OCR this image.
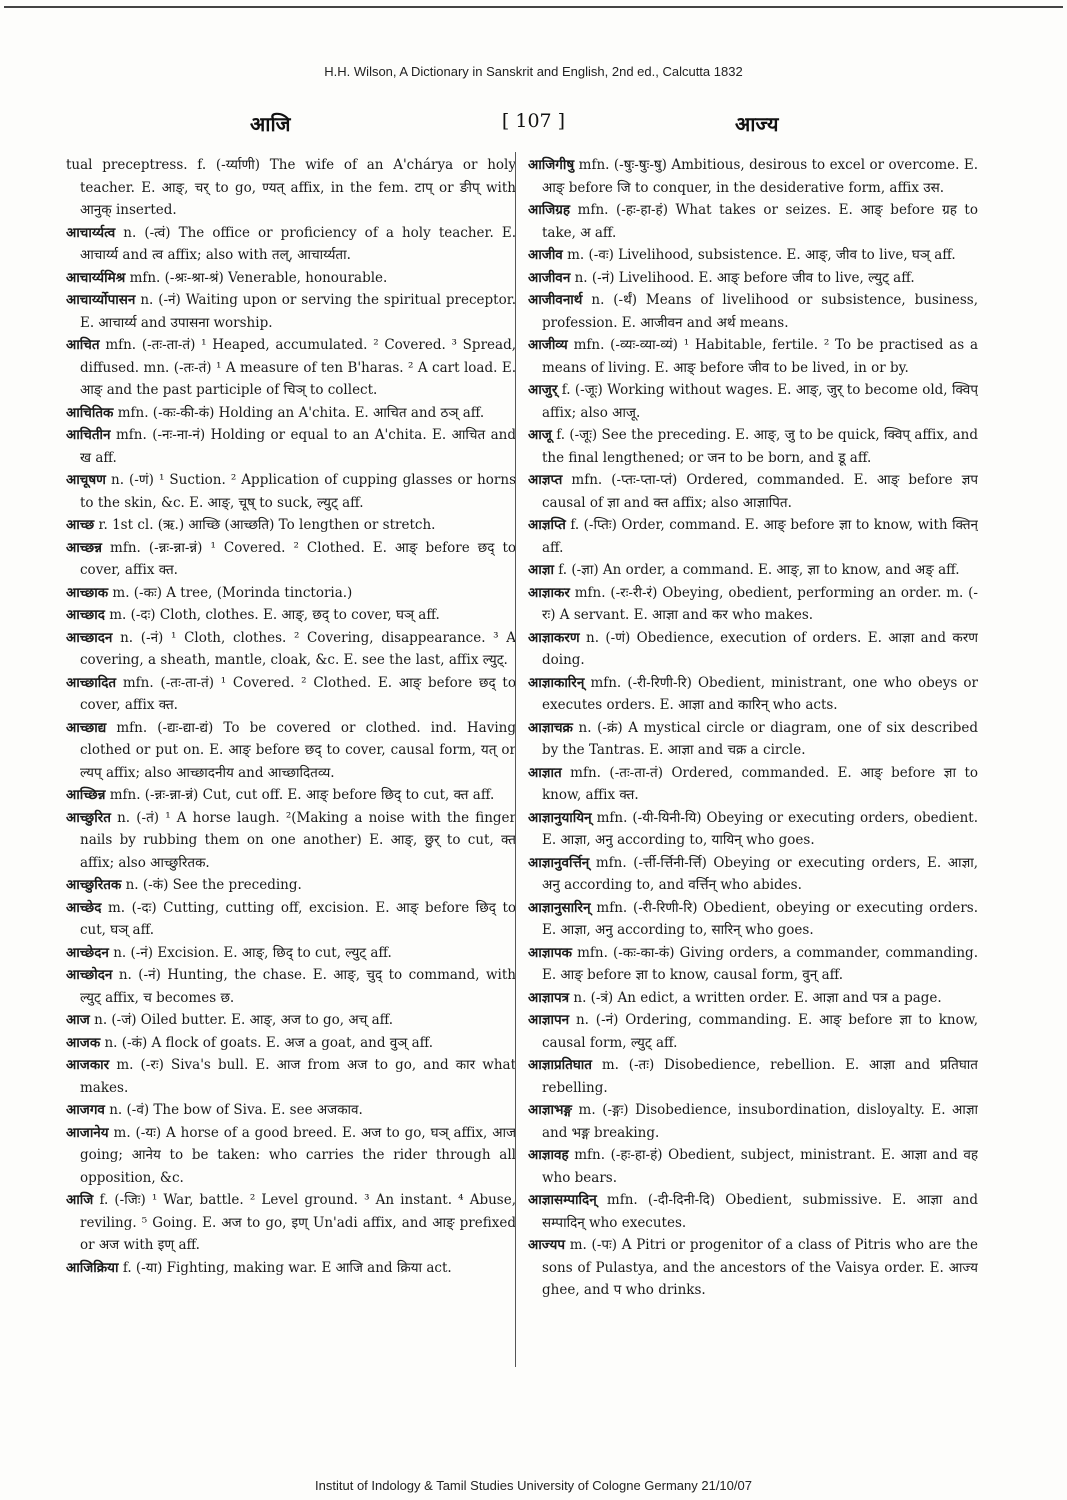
H.H. Wilson, A Dictionary in Sanskrit and English, 2nd ed., Calcutta 1832
आजि	[ 107 ]	आज्य

tual preceptress. f. (-र्य्याणी) The wife of an A'chárya or holy teacher. E. आङ्, चर् to go, ण्यत् affix, in the fem. टाप् or ङीप् with आनुक् inserted.

आचार्य्यत्व n. (-त्वं) The office or proficiency of a holy teacher. E. आचार्य्य and त्व affix; also with तल्, आचार्य्यता.

आचार्य्यमिश्र mfn. (-श्रः-श्रा-श्रं) Venerable, honourable.

आचार्य्योपासन n. (-नं) Waiting upon or serving the spiritual preceptor. E. आचार्य्य and उपासना worship.

आचित mfn. (-तः-ता-तं) ¹ Heaped, accumulated. ² Covered. ³ Spread, diffused. mn. (-तः-तं) ¹ A measure of ten B'haras. ² A cart load. E. आङ् and the past participle of चिञ् to collect.

आचितिक mfn. (-कः-की-कं) Holding an A'chita. E. आचित and ठञ् aff.

आचितीन mfn. (-नः-ना-नं) Holding or equal to an A'chita. E. आचित and ख aff.

आचूषण n. (-णं) ¹ Suction. ² Application of cupping glasses or horns to the skin, &c. E. आङ्, चूष् to suck, ल्युट् aff.

आच्छ r. 1st cl. (ऋ.) आच्छि (आच्छति) To lengthen or stretch.

आच्छन्न mfn. (-न्नः-न्ना-न्नं) ¹ Covered. ² Clothed. E. आङ् before छद् to cover, affix क्त.

आच्छाक m. (-कः) A tree, (Morinda tinctoria.)

आच्छाद m. (-दः) Cloth, clothes. E. आङ्, छद् to cover, घञ् aff.

आच्छादन n. (-नं) ¹ Cloth, clothes. ² Covering, disappearance. ³ A covering, a sheath, mantle, cloak, &c. E. see the last, affix ल्युट्.

आच्छादित mfn. (-तः-ता-तं) ¹ Covered. ² Clothed. E. आङ् before छद् to cover, affix क्त.

आच्छाद्य mfn. (-द्यः-द्या-द्यं) To be covered or clothed. ind. Having clothed or put on. E. आङ् before छद् to cover, causal form, यत् or ल्यप् affix; also आच्छादनीय and आच्छादितव्य.

आच्छिन्न mfn. (-न्नः-न्ना-न्नं) Cut, cut off. E. आङ् before छिद् to cut, क्त aff.

आच्छुरित n. (-तं) ¹ A horse laugh. ²(Making a noise with the finger nails by rubbing them on one another) E. आङ्, छुर् to cut, क्त affix; also आच्छुरितक.

आच्छुरितक n. (-कं) See the preceding.

आच्छेद m. (-दः) Cutting, cutting off, excision. E. आङ् before छिद् to cut, घञ् aff.

आच्छेदन n. (-नं) Excision. E. आङ्, छिद् to cut, ल्युट् aff.

आच्छोदन n. (-नं) Hunting, the chase. E. आङ्, चुद् to command, with ल्युट् affix, च becomes छ.

आज n. (-जं) Oiled butter. E. आङ्, अज to go, अच् aff.

आजक n. (-कं) A flock of goats. E. अज a goat, and वुञ् aff.

आजकार m. (-रः) Siva's bull. E. आज from अज to go, and कार what makes.

आजगव n. (-वं) The bow of Siva. E. see अजकाव.

आजानेय m. (-यः) A horse of a good breed. E. अज to go, घञ् affix, आज going; आनेय to be taken: who carries the rider through all opposition, &c.

आजि f. (-जिः) ¹ War, battle. ² Level ground. ³ An instant. ⁴ Abuse, reviling. ⁵ Going. E. अज to go, इण् Un'adi affix, and आङ् prefixed or अज with इण् aff.

आजिक्रिया f. (-या) Fighting, making war. E आजि and क्रिया act.

आजिगीषु mfn. (-षुः-षुः-षु) Ambitious, desirous to excel or overcome. E. आङ् before जि to conquer, in the desiderative form, affix उस.

आजिग्रह mfn. (-हः-हा-हं) What takes or seizes. E. आङ् before ग्रह to take, अ aff.

आजीव m. (-वः) Livelihood, subsistence. E. आङ्, जीव to live, घञ् aff.

आजीवन n. (-नं) Livelihood. E. आङ् before जीव to live, ल्युट् aff.

आजीवनार्थ n. (-र्थं) Means of livelihood or subsistence, business, profession. E. आजीवन and अर्थ means.

आजीव्य mfn. (-व्यः-व्या-व्यं) ¹ Habitable, fertile. ² To be practised as a means of living. E. आङ् before जीव to be lived, in or by.

आजुर् f. (-जूः) Working without wages. E. आङ्, जुर् to become old, क्विप् affix; also आजू.

आजू f. (-जूः) See the preceding. E. आङ्, जु to be quick, क्विप् affix, and the final lengthened; or जन to be born, and डू aff.

आज्ञप्त mfn. (-प्तः-प्ता-प्तं) Ordered, commanded. E. आङ् before ज्ञप causal of ज्ञा and क्त affix; also आज्ञापित.

आज्ञप्ति f. (-प्तिः) Order, command. E. आङ् before ज्ञा to know, with क्तिन् aff.

आज्ञा f. (-ज्ञा) An order, a command. E. आङ्, ज्ञा to know, and अङ् aff.

आज्ञाकर mfn. (-रः-री-रं) Obeying, obedient, performing an order. m. (-रः) A servant. E. आज्ञा and कर who makes.

आज्ञाकरण n. (-णं) Obedience, execution of orders. E. आज्ञा and करण doing.

आज्ञाकारिन् mfn. (-री-रिणी-रि) Obedient, ministrant, one who obeys or executes orders. E. आज्ञा and कारिन् who acts.

आज्ञाचक्र n. (-क्रं) A mystical circle or diagram, one of six described by the Tantras. E. आज्ञा and चक्र a circle.

आज्ञात mfn. (-तः-ता-तं) Ordered, commanded. E. आङ् before ज्ञा to know, affix क्त.

आज्ञानुयायिन् mfn. (-यी-यिनी-यि) Obeying or executing orders, obedient. E. आज्ञा, अनु according to, यायिन् who goes.

आज्ञानुवर्त्तिन् mfn. (-र्त्ती-र्त्तिनी-र्त्ति) Obeying or executing orders, E. आज्ञा, अनु according to, and वर्त्तिन् who abides.

आज्ञानुसारिन् mfn. (-री-रिणी-रि) Obedient, obeying or executing orders. E. आज्ञा, अनु according to, सारिन् who goes.

आज्ञापक mfn. (-कः-का-कं) Giving orders, a commander, commanding. E. आङ् before ज्ञा to know, causal form, वुन् aff.

आज्ञापत्र n. (-त्रं) An edict, a written order. E. आज्ञा and पत्र a page.

आज्ञापन n. (-नं) Ordering, commanding. E. आङ् before ज्ञा to know, causal form, ल्युट् aff.

आज्ञाप्रतिघात m. (-तः) Disobedience, rebellion. E. आज्ञा and प्रतिघात rebelling.

आज्ञाभङ्ग m. (-ङ्गः) Disobedience, insubordination, disloyalty. E. आज्ञा and भङ्ग breaking.

आज्ञावह mfn. (-हः-हा-हं) Obedient, subject, ministrant. E. आज्ञा and वह who bears.

आज्ञासम्पादिन् mfn. (-दी-दिनी-दि) Obedient, submissive. E. आज्ञा and सम्पादिन् who executes.

आज्यप m. (-पः) A Pitri or progenitor of a class of Pitris who are the sons of Pulastya, and the ancestors of the Vaisya order. E. आज्य ghee, and प who drinks.

Institut of Indology & Tamil Studies University of Cologne Germany 21/10/07
